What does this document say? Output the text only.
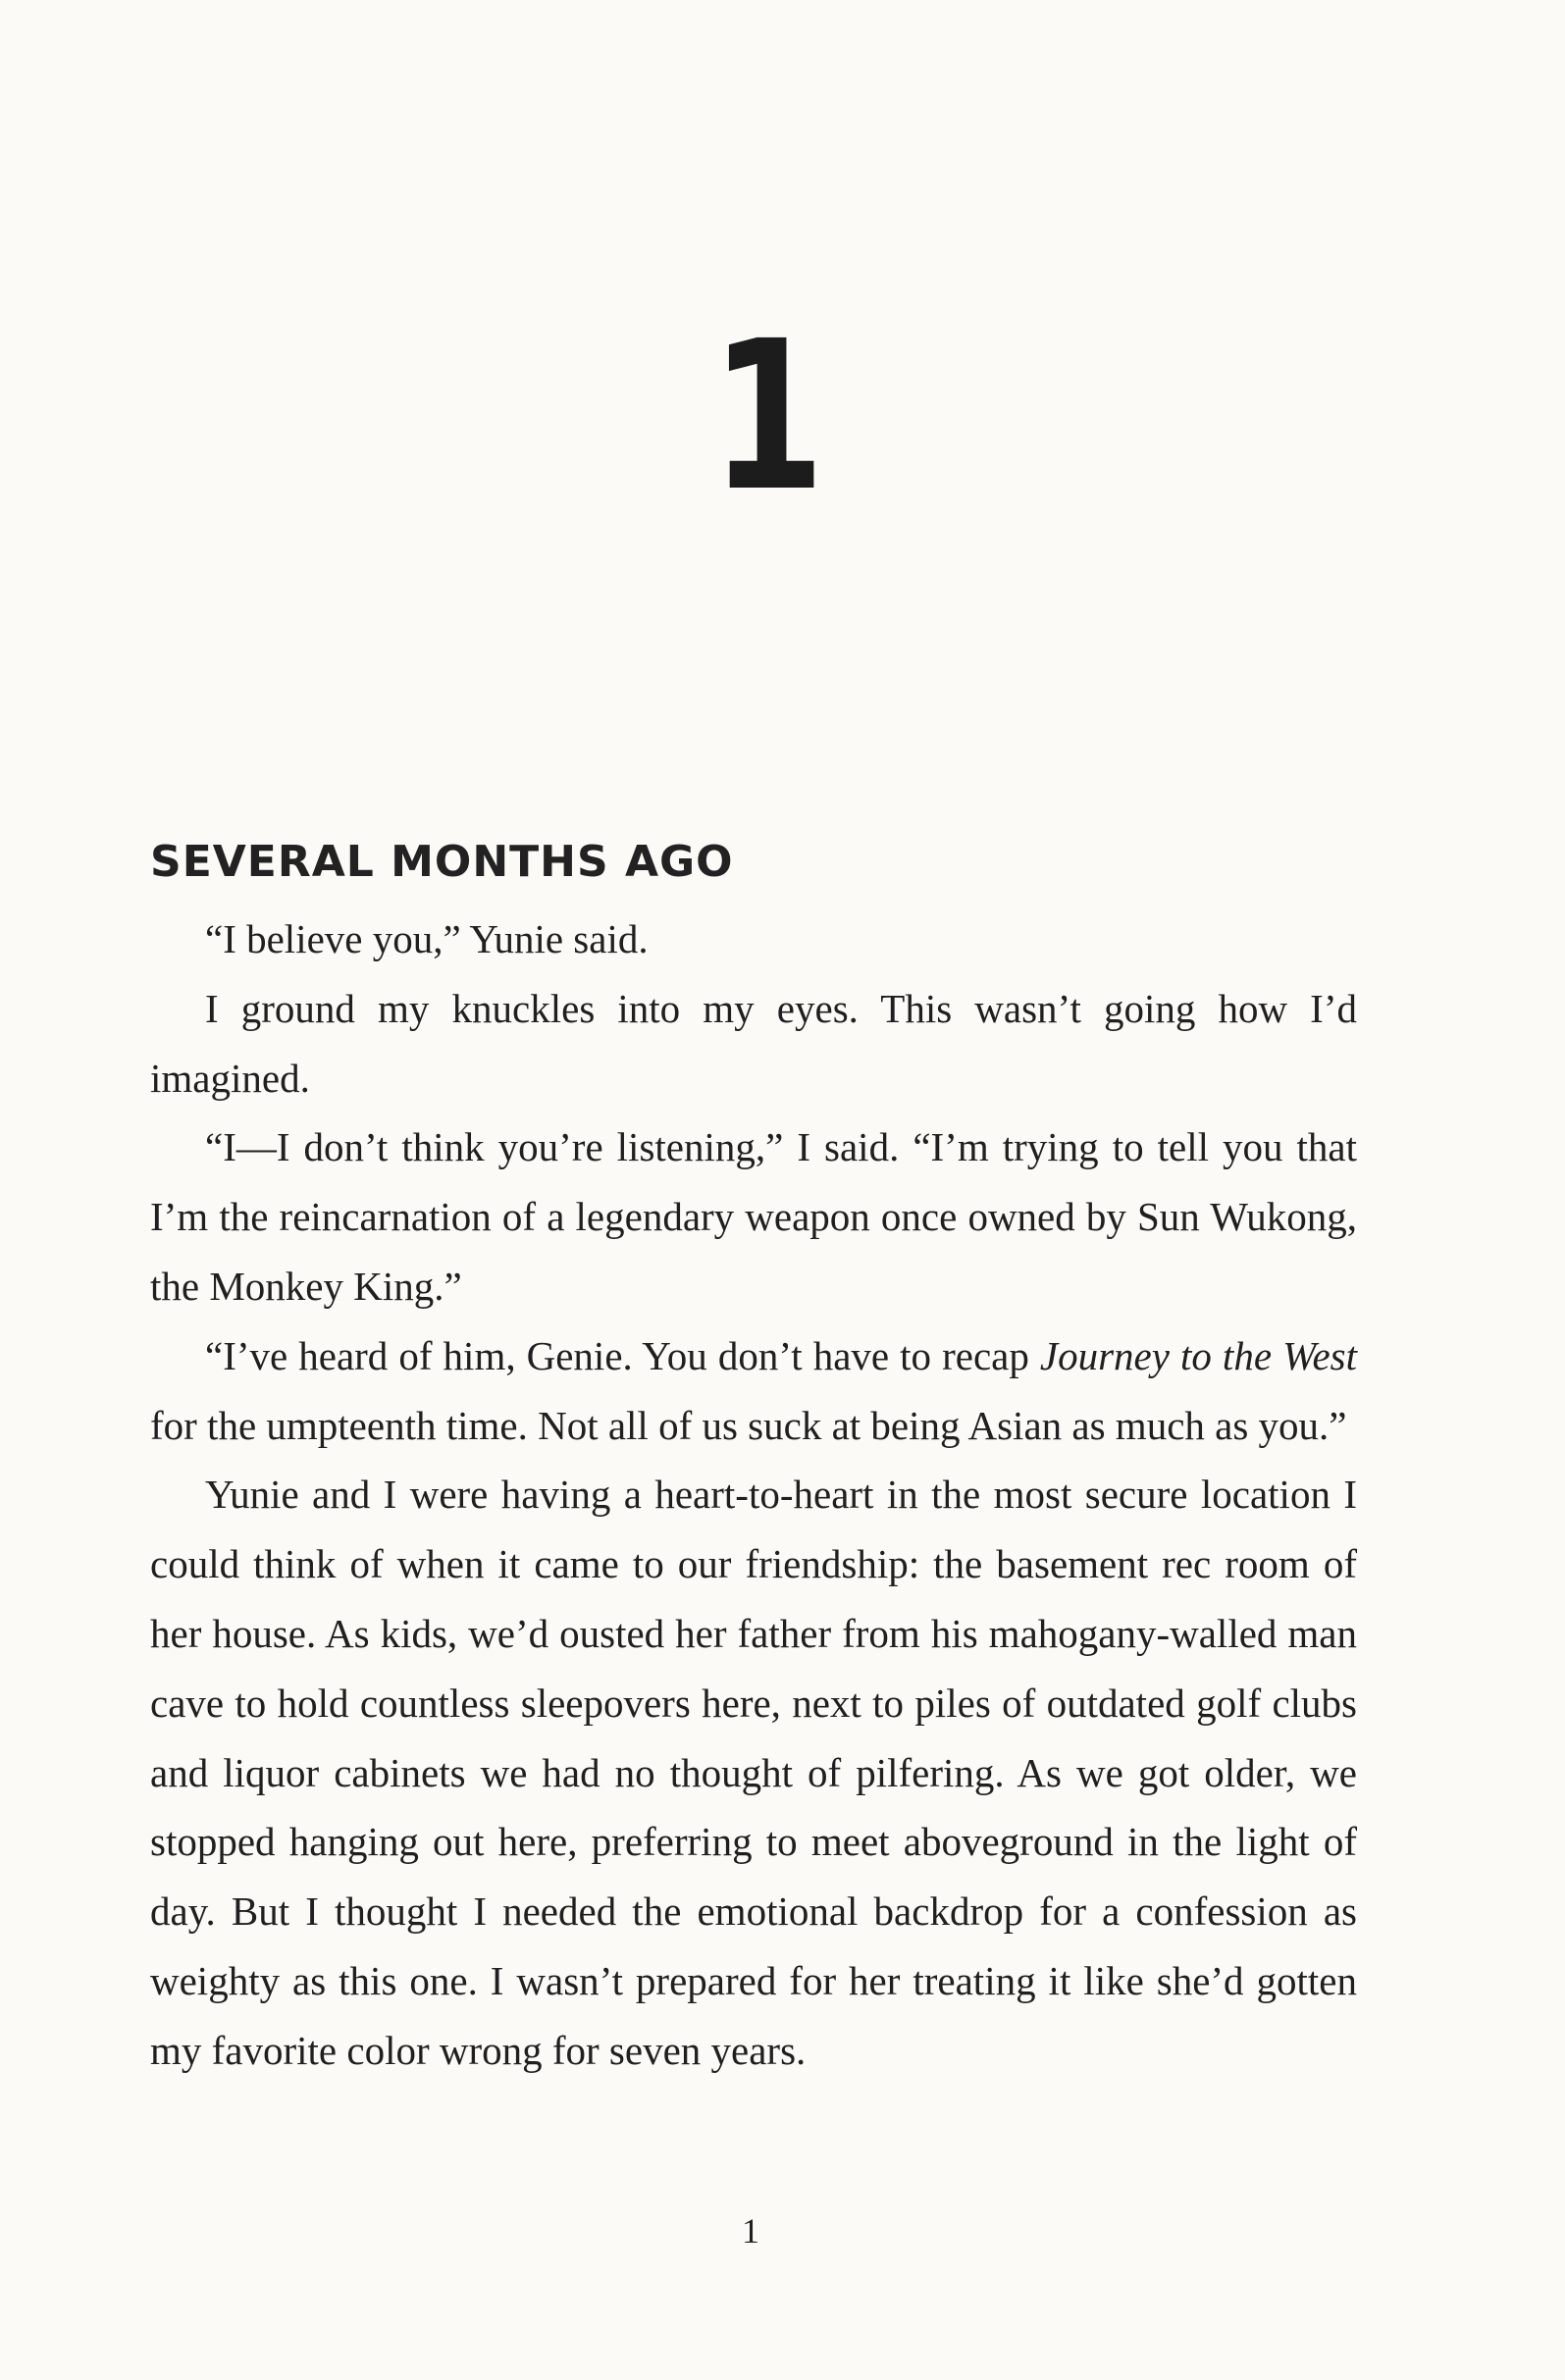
1
SEVERAL MONTHS AGO

“I believe you,” Yunie said.

I ground my knuckles into my eyes. This wasn’t going how I’d imagined.

“I—I don’t think you’re listening,” I said. “I’m trying to tell you that I’m the reincarnation of a legendary weapon once owned by Sun Wukong, the Monkey King.”

“I’ve heard of him, Genie. You don’t have to recap Journey to the West for the umpteenth time. Not all of us suck at being Asian as much as you.”

Yunie and I were having a heart-to-heart in the most secure location I could think of when it came to our friendship: the basement rec room of her house. As kids, we’d ousted her father from his mahogany-walled man cave to hold countless sleepovers here, next to piles of outdated golf clubs and liquor cabinets we had no thought of pilfering. As we got older, we stopped hanging out here, preferring to meet aboveground in the light of day. But I thought I needed the emotional backdrop for a confession as weighty as this one. I wasn’t prepared for her treating it like she’d gotten my favorite color wrong for seven years.

1
